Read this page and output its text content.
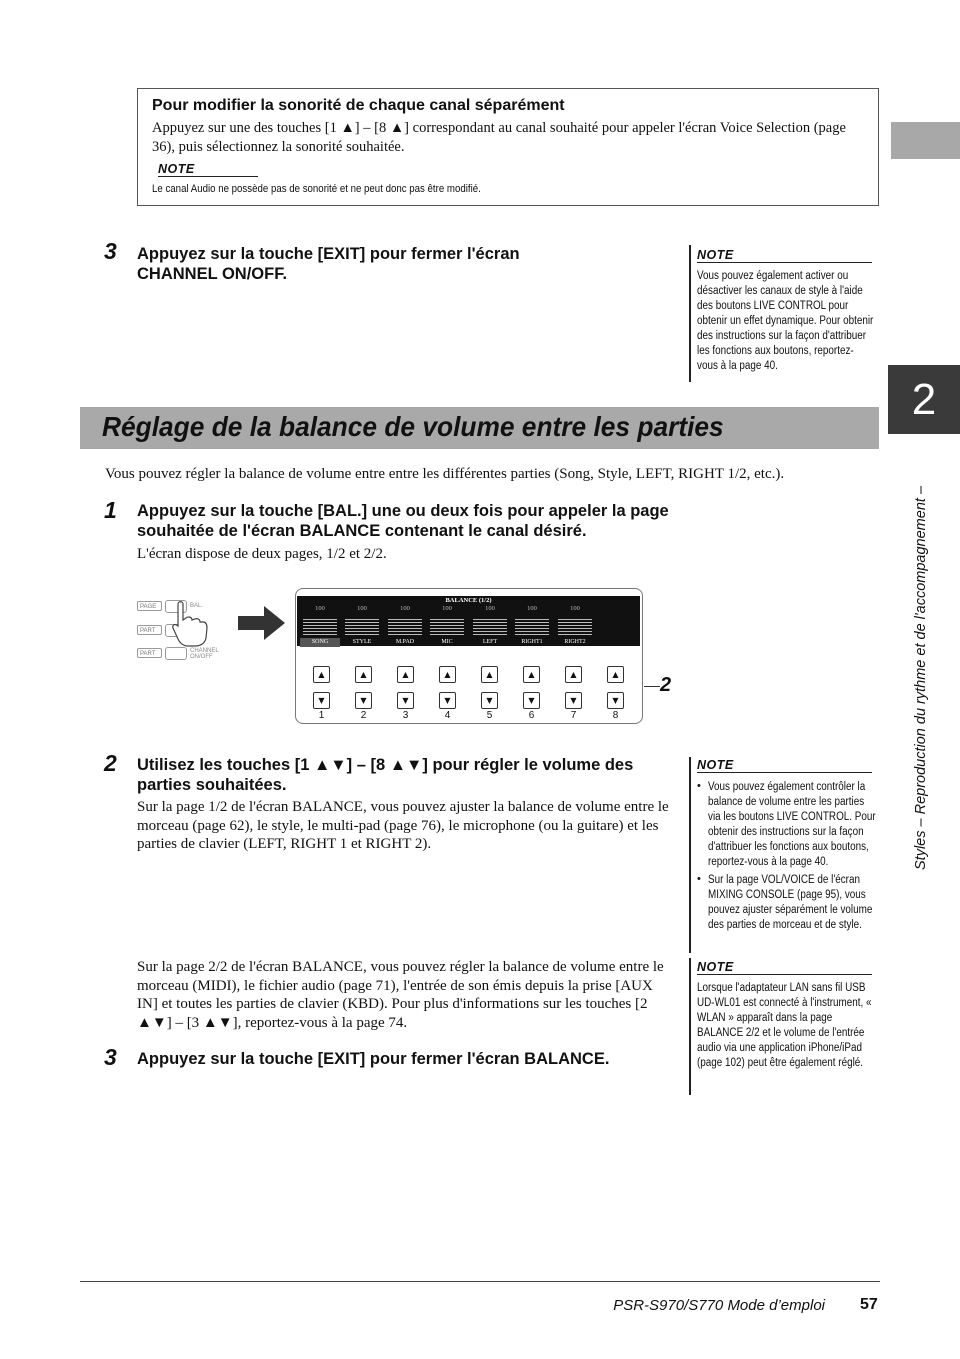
Pour modifier la sonorité de chaque canal séparément
Appuyez sur une des touches [1 ▲] – [8 ▲] correspondant au canal souhaité pour appeler l'écran Voice Selection (page 36), puis sélectionnez la sonorité souhaitée.
NOTE
Le canal Audio ne possède pas de sonorité et ne peut donc pas être modifié.
2
Styles – Reproduction du rythme et de l'accompagnement –
3 Appuyez sur la touche [EXIT] pour fermer l'écran CHANNEL ON/OFF.
NOTE
Vous pouvez également activer ou désactiver les canaux de style à l'aide des boutons LIVE CONTROL pour obtenir un effet dynamique. Pour obtenir des instructions sur la façon d'attribuer les fonctions aux boutons, reportez-vous à la page 40.
Réglage de la balance de volume entre les parties
Vous pouvez régler la balance de volume entre entre les différentes parties (Song, Style, LEFT, RIGHT 1/2, etc.).
1 Appuyez sur la touche [BAL.] une ou deux fois pour appeler la page souhaitée de l'écran BALANCE contenant le canal désiré.
L'écran dispose de deux pages, 1/2 et 2/2.
PAGE	BAL.
PART
PART	CHANNEL ON/OFF
BALANCE (1/2)
100
SONG
100
STYLE
100
M.PAD
100
MIC
100
LEFT
100
RIGHT1
100
RIGHT2
▲	▲	▲	▲	▲	▲	▲	▲
▼	▼	▼	▼	▼	▼	▼	▼
1	2	3	4	5	6	7	8
2
2 Utilisez les touches [1 ▲▼] – [8 ▲▼] pour régler le volume des parties souhaitées.
Sur la page 1/2 de l'écran BALANCE, vous pouvez ajuster la balance de volume entre le morceau (page 62), le style, le multi-pad (page 76), le microphone (ou la guitare) et les parties de clavier (LEFT, RIGHT 1 et RIGHT 2).
Sur la page 2/2 de l'écran BALANCE, vous pouvez régler la balance de volume entre le morceau (MIDI), le fichier audio (page 71), l'entrée de son émis depuis la prise [AUX IN] et toutes les parties de clavier (KBD). Pour plus d'informations sur les touches [2 ▲▼] – [3 ▲▼], reportez-vous à la page 74.
NOTE
• Vous pouvez également contrôler la balance de volume entre les parties via les boutons LIVE CONTROL. Pour obtenir des instructions sur la façon d'attribuer les fonctions aux boutons, reportez-vous à la page 40.
• Sur la page VOL/VOICE de l'écran MIXING CONSOLE (page 95), vous pouvez ajuster séparément le volume des parties de morceau et de style.
NOTE
Lorsque l'adaptateur LAN sans fil USB UD-WL01 est connecté à l'instrument, « WLAN » apparaît dans la page BALANCE 2/2 et le volume de l'entrée audio via une application iPhone/iPad (page 102) peut être également réglé.
3 Appuyez sur la touche [EXIT] pour fermer l'écran BALANCE.
PSR-S970/S770 Mode d’emploi 57
